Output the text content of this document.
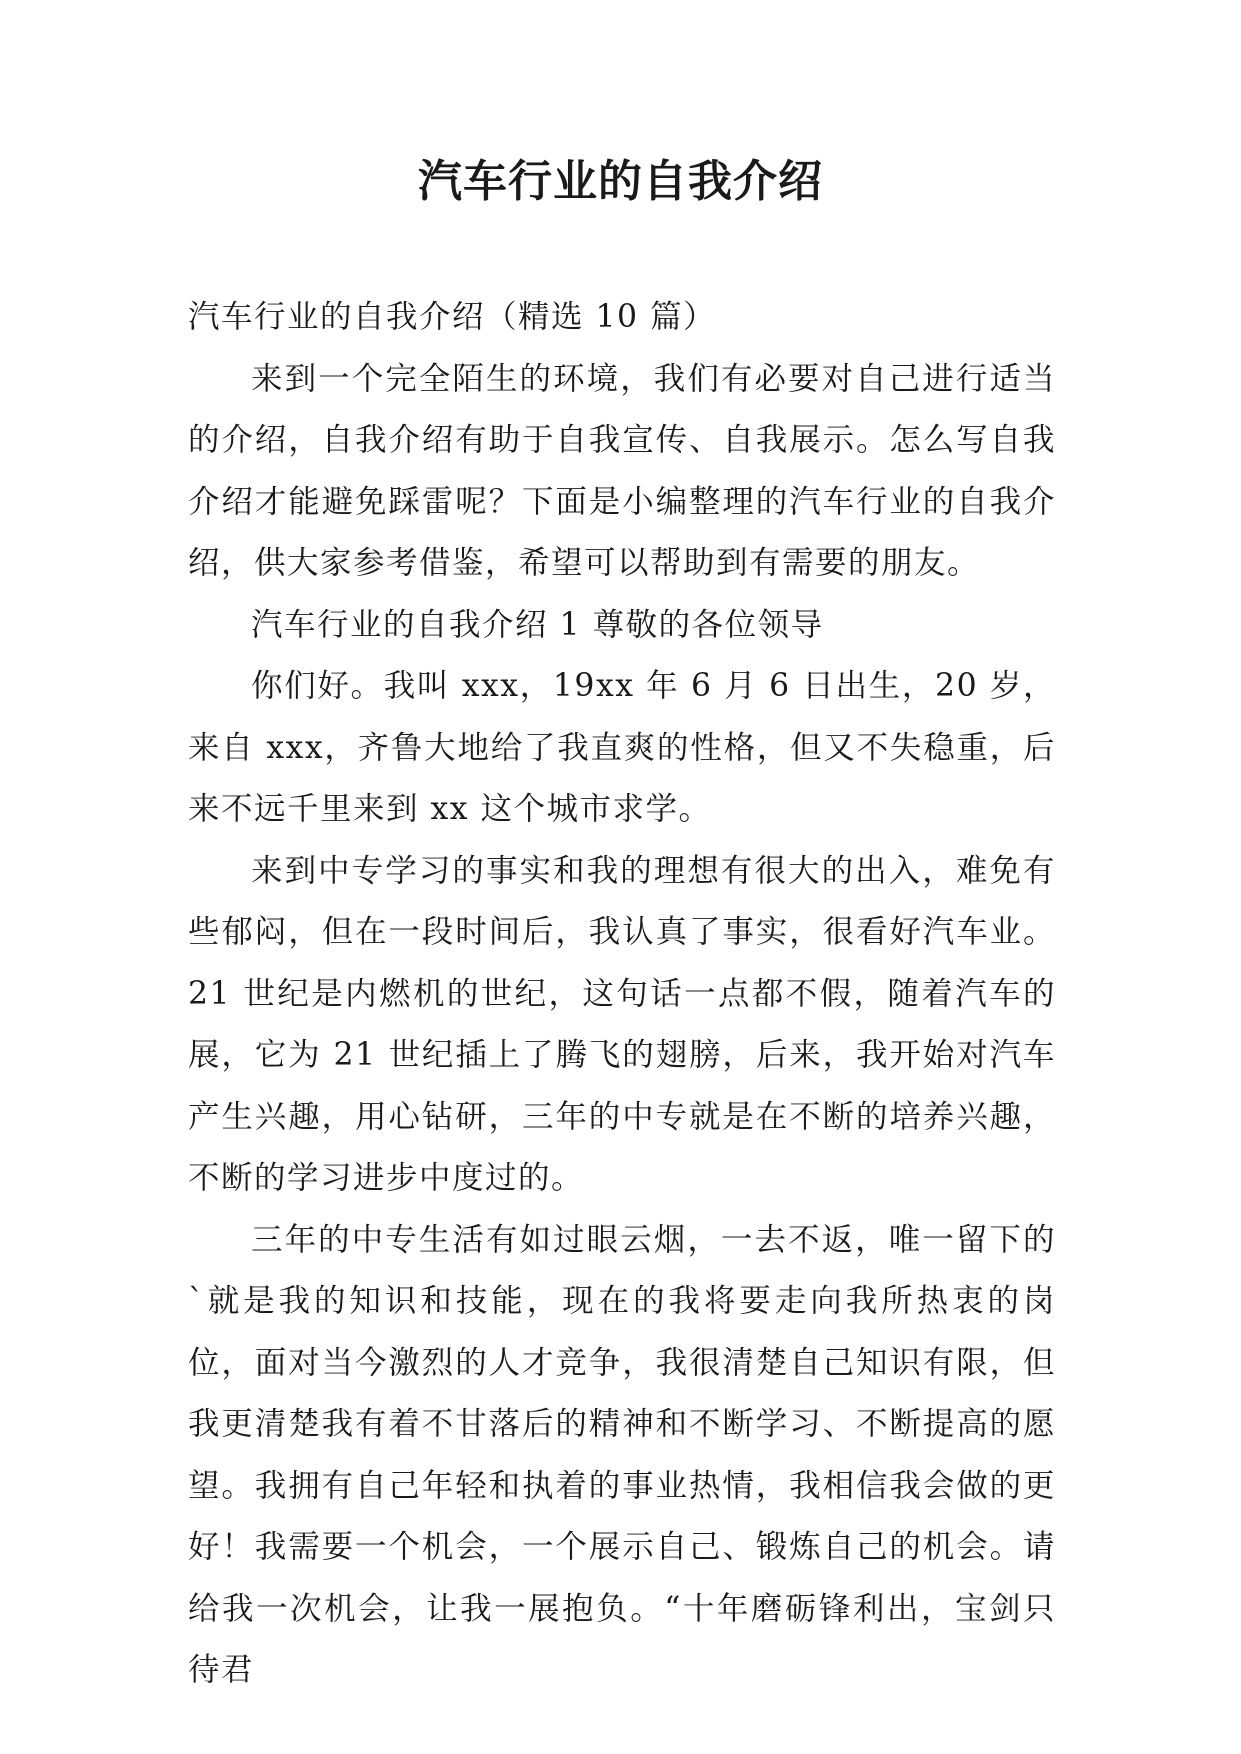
汽车行业的自我介绍

汽车行业的自我介绍（精选 10 篇）

来到一个完全陌生的环境，我们有必要对自己进行适当的介绍，自我介绍有助于自我宣传、自我展示。怎么写自我介绍才能避免踩雷呢？下面是小编整理的汽车行业的自我介绍，供大家参考借鉴，希望可以帮助到有需要的朋友。

汽车行业的自我介绍 1 尊敬的各位领导

你们好。我叫 xxx，19xx 年 6 月 6 日出生，20 岁，来自 xxx，齐鲁大地给了我直爽的性格，但又不失稳重，后来不远千里来到 xx 这个城市求学。

来到中专学习的事实和我的理想有很大的出入，难免有些郁闷，但在一段时间后，我认真了事实，很看好汽车业。21 世纪是内燃机的世纪，这句话一点都不假，随着汽车的展，它为 21 世纪插上了腾飞的翅膀，后来，我开始对汽车产生兴趣，用心钻研，三年的中专就是在不断的培养兴趣，不断的学习进步中度过的。

三年的中专生活有如过眼云烟，一去不返，唯一留下的`就是我的知识和技能，现在的我将要走向我所热衷的岗位，面对当今激烈的人才竞争，我很清楚自己知识有限，但我更清楚我有着不甘落后的精神和不断学习、不断提高的愿望。我拥有自己年轻和执着的事业热情，我相信我会做的更好！我需要一个机会，一个展示自己、锻炼自己的机会。请给我一次机会，让我一展抱负。“十年磨砺锋利出，宝剑只待君
